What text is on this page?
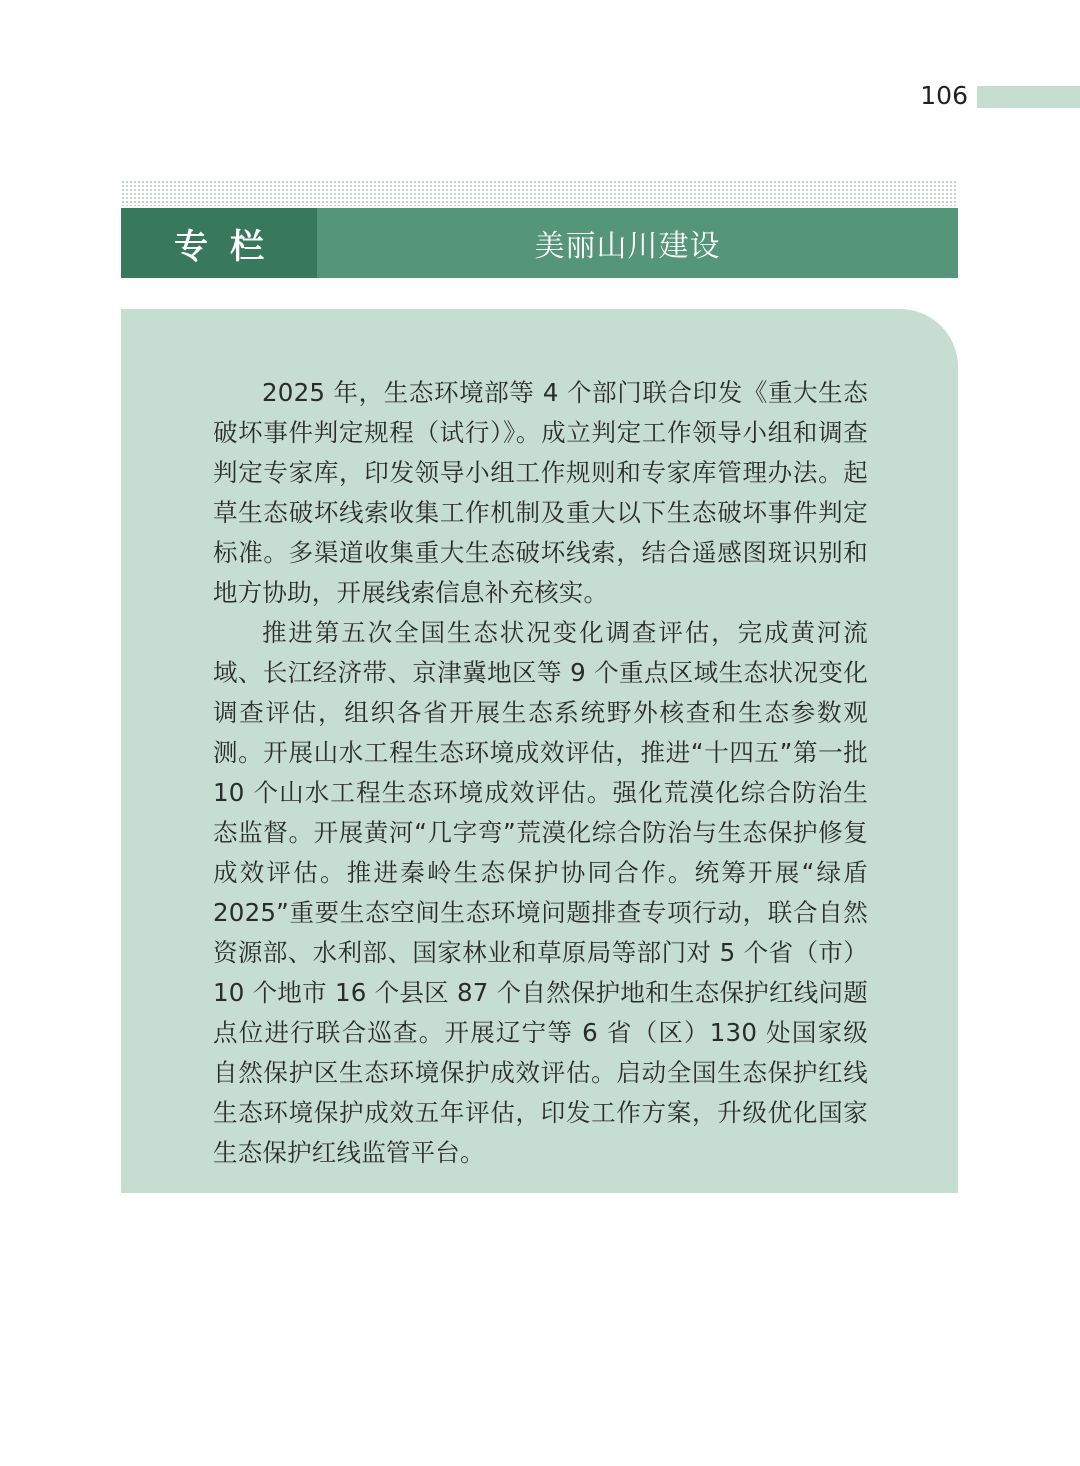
106
专栏	美丽山川建设

2025 年，生态环境部等 4 个部门联合印发《重大生态破坏事件判定规程（试行）》。成立判定工作领导小组和调查判定专家库，印发领导小组工作规则和专家库管理办法。起草生态破坏线索收集工作机制及重大以下生态破坏事件判定标准。多渠道收集重大生态破坏线索，结合遥感图斑识别和地方协助，开展线索信息补充核实。

推进第五次全国生态状况变化调查评估，完成黄河流域、长江经济带、京津冀地区等 9 个重点区域生态状况变化调查评估，组织各省开展生态系统野外核查和生态参数观测。开展山水工程生态环境成效评估，推进“十四五”第一批 10 个山水工程生态环境成效评估。强化荒漠化综合防治生态监督。开展黄河“几字弯”荒漠化综合防治与生态保护修复成效评估。推进秦岭生态保护协同合作。统筹开展“绿盾 2025”重要生态空间生态环境问题排查专项行动，联合自然资源部、水利部、国家林业和草原局等部门对 5 个省（市）10 个地市 16 个县区 87 个自然保护地和生态保护红线问题点位进行联合巡查。开展辽宁等 6 省（区）130 处国家级自然保护区生态环境保护成效评估。启动全国生态保护红线生态环境保护成效五年评估，印发工作方案，升级优化国家生态保护红线监管平台。
